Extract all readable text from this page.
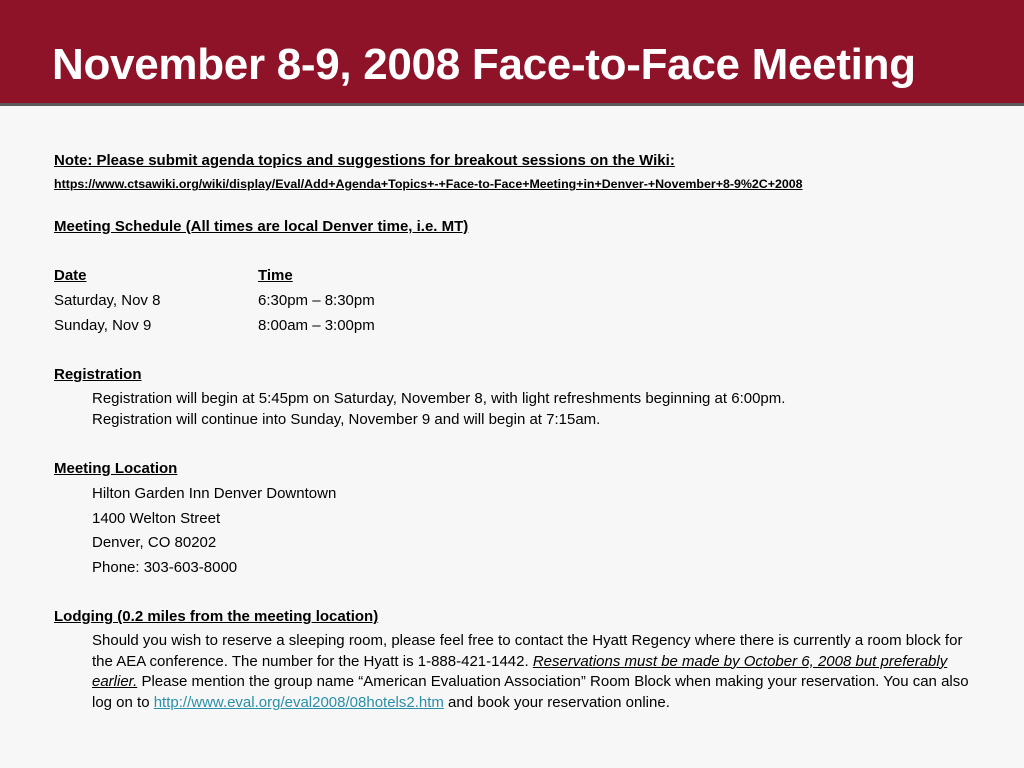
November 8-9, 2008 Face-to-Face Meeting
Note: Please submit agenda topics and suggestions for breakout sessions on the Wiki:
https://www.ctsawiki.org/wiki/display/Eval/Add+Agenda+Topics+-+Face-to-Face+Meeting+in+Denver-+November+8-9%2C+2008
Meeting Schedule (All times are local Denver time, i.e. MT)
Date	Time
Saturday, Nov 8	6:30pm – 8:30pm
Sunday, Nov 9	8:00am – 3:00pm
Registration
Registration will begin at 5:45pm on Saturday, November 8, with light refreshments beginning at 6:00pm.
Registration will continue into Sunday, November 9 and will begin at 7:15am.
Meeting Location
Hilton Garden Inn Denver Downtown
1400 Welton Street
Denver, CO 80202
Phone: 303-603-8000
Lodging (0.2 miles from the meeting location)
Should you wish to reserve a sleeping room, please feel free to contact the Hyatt Regency where there is currently a room block for the AEA conference. The number for the Hyatt is 1-888-421-1442. Reservations must be made by October 6, 2008 but preferably earlier. Please mention the group name “American Evaluation Association” Room Block when making your reservation. You can also log on to http://www.eval.org/eval2008/08hotels2.htm and book your reservation online.
